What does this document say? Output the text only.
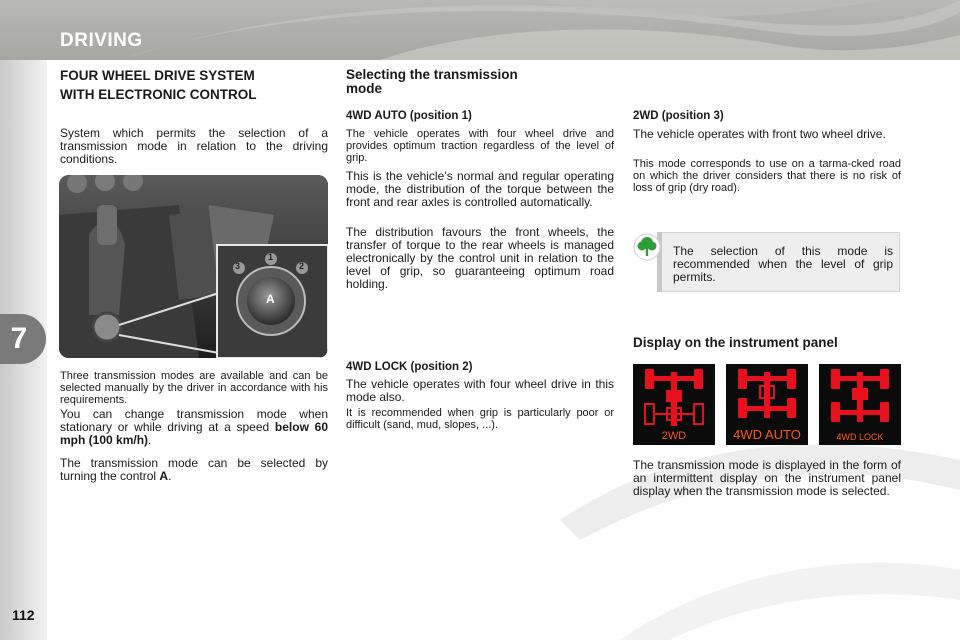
DRIVING
7
112
FOUR WHEEL DRIVE SYSTEM
WITH ELECTRONIC CONTROL
System which permits the selection of a transmission mode in relation to the driving conditions.
3
1
2
A
Three transmission modes are available and can be selected manually by the driver in accordance with his requirements.
You can change transmission mode when stationary or while driving at a speed below 60 mph (100 km/h).
The transmission mode can be selected by turning the control A.
Selecting the transmission
mode
4WD AUTO (position 1)
The vehicle operates with four wheel drive and provides optimum traction regardless of the level of grip.
This is the vehicle’s normal and regular operating mode, the distribution of the torque between the front and rear axles is controlled automatically.
The distribution favours the front wheels, the transfer of torque to the rear wheels is managed electronically by the control unit in relation to the level of grip, so guaranteeing optimum road holding.
4WD LOCK (position 2)
The vehicle operates with four wheel drive in this mode also.
It is recommended when grip is particularly poor or difficult (sand, mud, slopes, ...).
2WD (position 3)
The vehicle operates with front two wheel drive.
This mode corresponds to use on a tarma-cked road on which the driver considers that there is no risk of loss of grip (dry road).
The selection of this mode is recommended when the level of grip permits.
Display on the instrument panel
2WD	4WD AUTO	4WD LOCK
The transmission mode is displayed in the form of an intermittent display on the instrument panel display when the transmission mode is selected.
